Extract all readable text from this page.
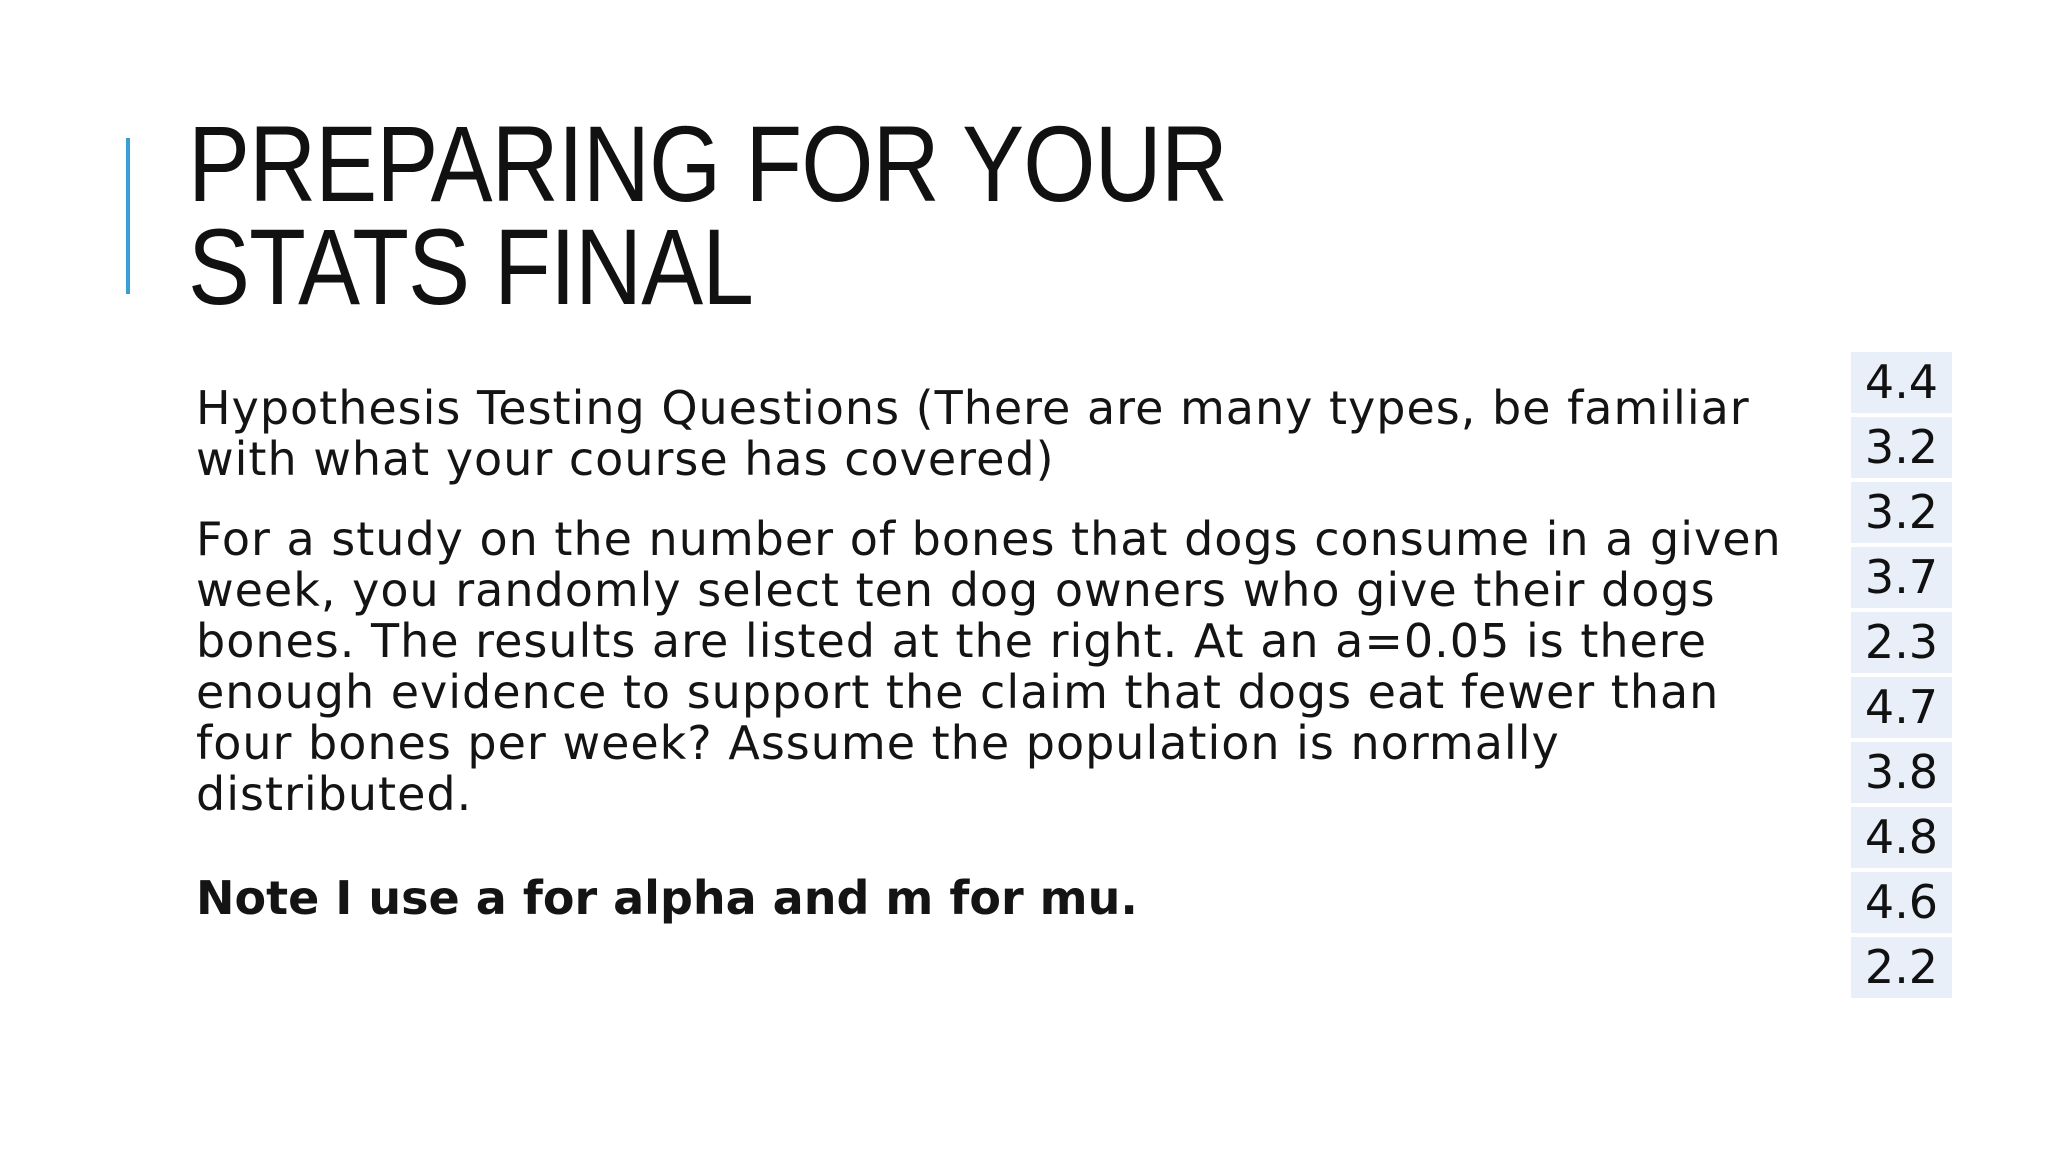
PREPARING FOR YOUR STATS FINAL

Hypothesis Testing Questions (There are many types, be familiar with what your course has covered)

For a study on the number of bones that dogs consume in a given week, you randomly select ten dog owners who give their dogs bones. The results are listed at the right. At an a=0.05 is there enough evidence to support the claim that dogs eat fewer than four bones per week? Assume the population is normally distributed.

Note I use a for alpha and m for mu.

4.4
3.2
3.2
3.7
2.3
4.7
3.8
4.8
4.6
2.2
